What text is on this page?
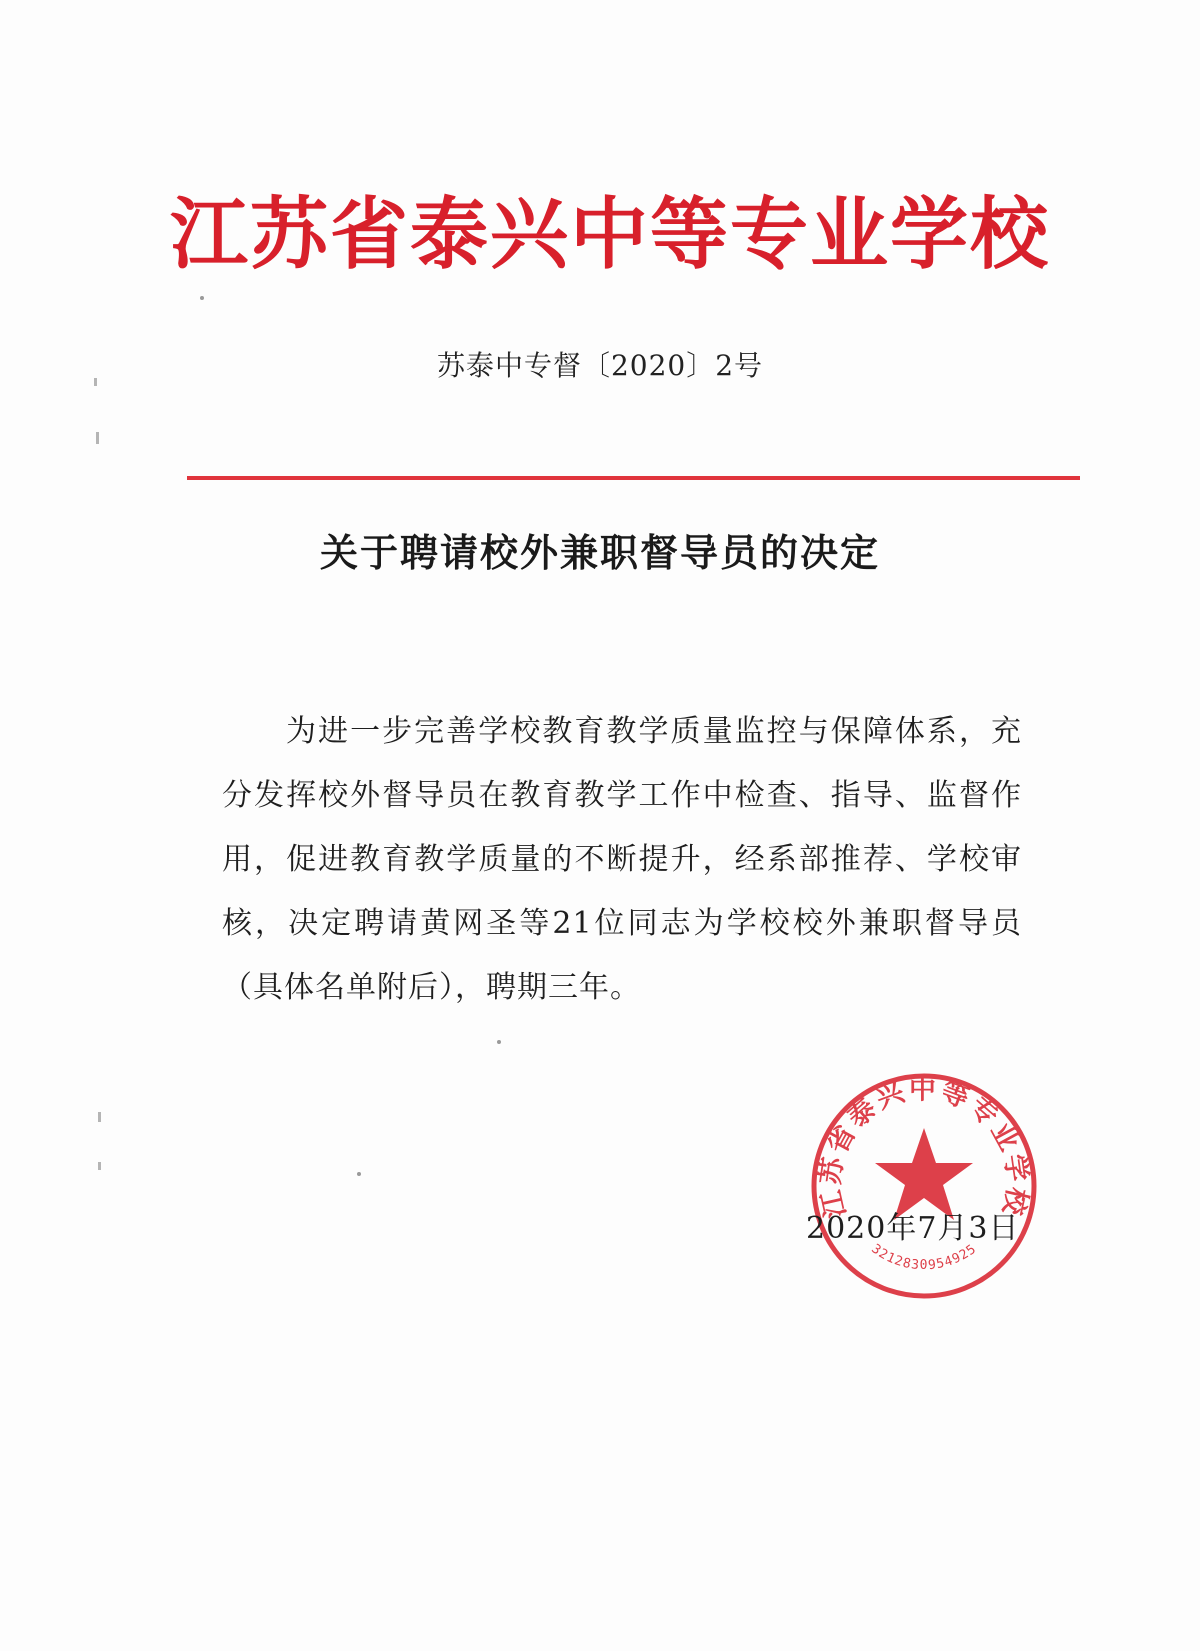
江苏省泰兴中等专业学校
苏泰中专督〔2020〕2号
关于聘请校外兼职督导员的决定
为进一步完善学校教育教学质量监控与保障体系，充分发挥校外督导员在教育教学工作中检查、指导、监督作用，促进教育教学质量的不断提升，经系部推荐、学校审核，决定聘请黄网圣等21位同志为学校校外兼职督导员（具体名单附后），聘期三年。
江苏省泰兴中等专业学校
3212830954925
2020年7月3日
